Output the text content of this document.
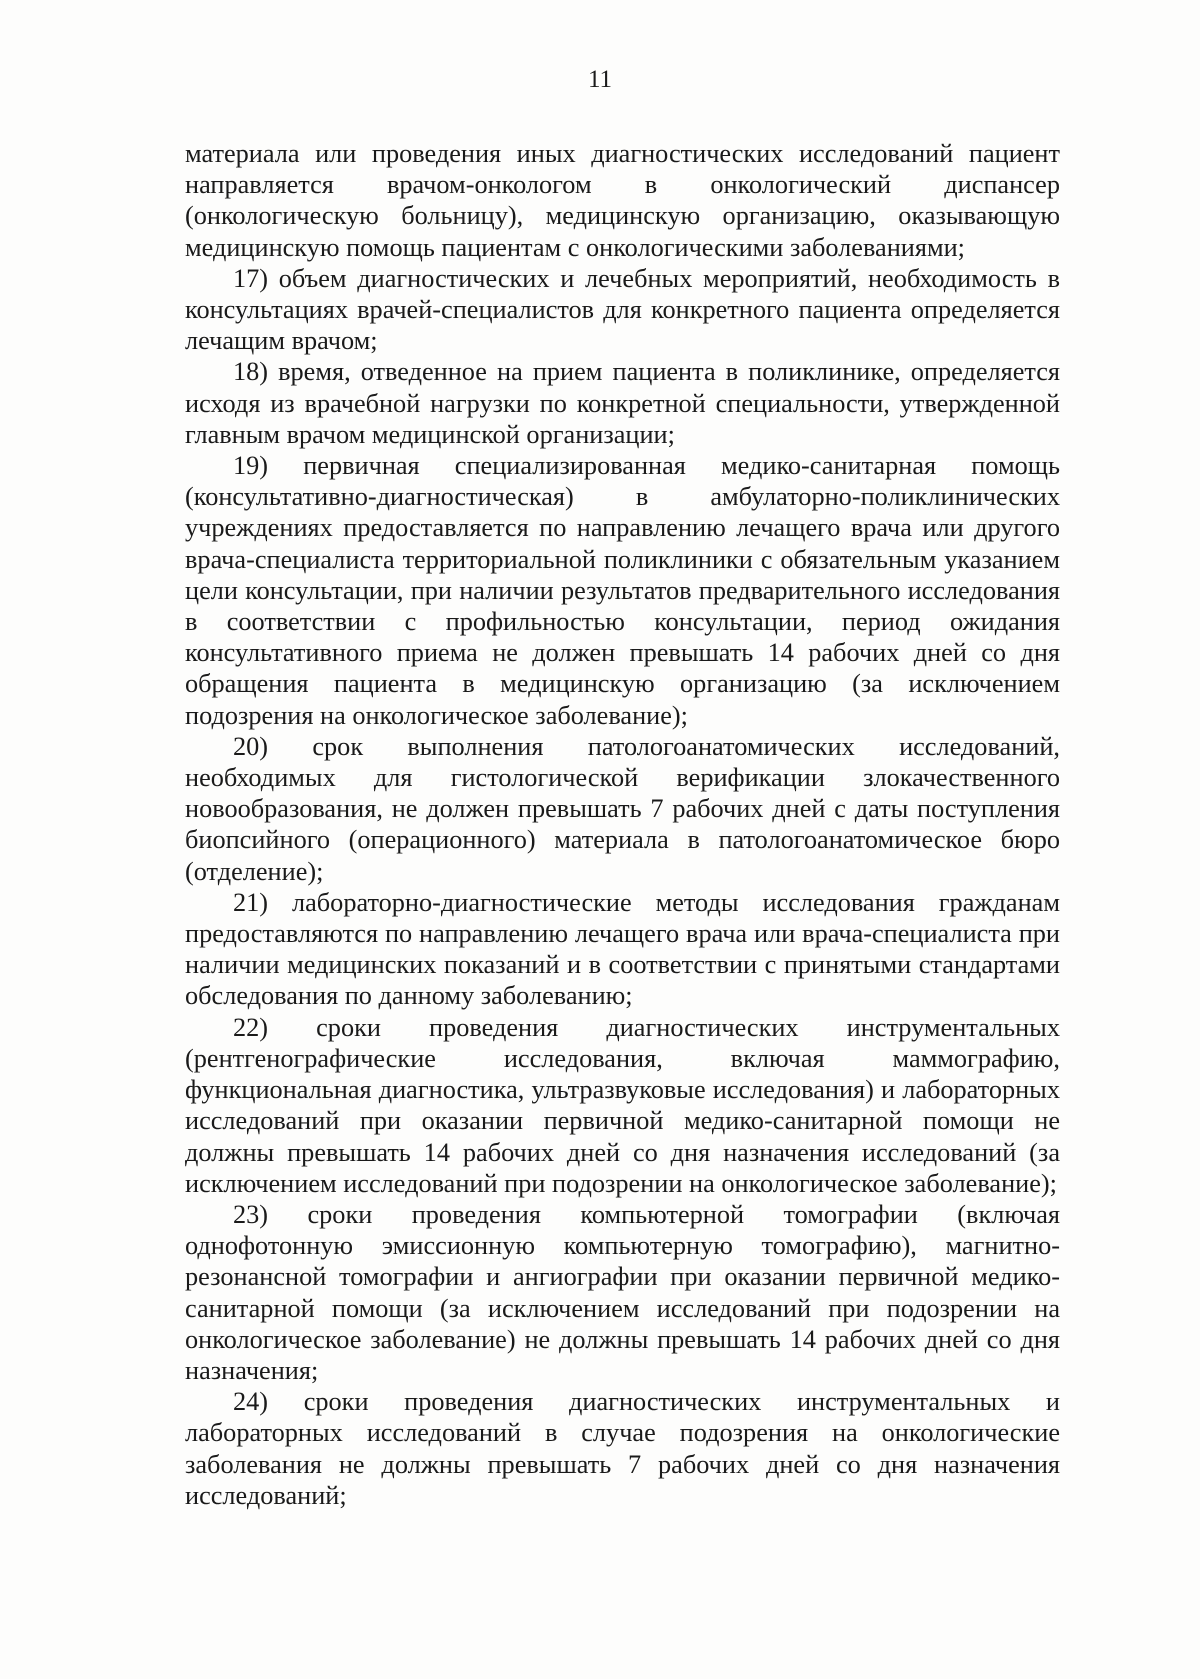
11

материала или проведения иных диагностических исследований пациент направляется врачом-онкологом в онкологический диспансер (онкологическую больницу), медицинскую организацию, оказывающую медицинскую помощь пациентам с онкологическими заболеваниями;

17) объем диагностических и лечебных мероприятий, необходимость в консультациях врачей-специалистов для конкретного пациента определяется лечащим врачом;

18) время, отведенное на прием пациента в поликлинике, определяется исходя из врачебной нагрузки по конкретной специальности, утвержденной главным врачом медицинской организации;

19) первичная специализированная медико-санитарная помощь (консультативно-диагностическая) в амбулаторно-поликлинических учреждениях предоставляется по направлению лечащего врача или другого врача-специалиста территориальной поликлиники с обязательным указанием цели консультации, при наличии результатов предварительного исследования в соответствии с профильностью консультации, период ожидания консультативного приема не должен превышать 14 рабочих дней со дня обращения пациента в медицинскую организацию (за исключением подозрения на онкологическое заболевание);

20) срок выполнения патологоанатомических исследований, необходимых для гистологической верификации злокачественного новообразования, не должен превышать 7 рабочих дней с даты поступления биопсийного (операционного) материала в патологоанатомическое бюро (отделение);

21) лабораторно-диагностические методы исследования гражданам предоставляются по направлению лечащего врача или врача-специалиста при наличии медицинских показаний и в соответствии с принятыми стандартами обследования по данному заболеванию;

22) сроки проведения диагностических инструментальных (рентгенографические исследования, включая маммографию, функциональная диагностика, ультразвуковые исследования) и лабораторных исследований при оказании первичной медико-санитарной помощи не должны превышать 14 рабочих дней со дня назначения исследований (за исключением исследований при подозрении на онкологическое заболевание);

23) сроки проведения компьютерной томографии (включая однофотонную эмиссионную компьютерную томографию), магнитно-резонансной томографии и ангиографии при оказании первичной медико-санитарной помощи (за исключением исследований при подозрении на онкологическое заболевание) не должны превышать 14 рабочих дней со дня назначения;

24) сроки проведения диагностических инструментальных и лабораторных исследований в случае подозрения на онкологические заболевания не должны превышать 7 рабочих дней со дня назначения исследований;
